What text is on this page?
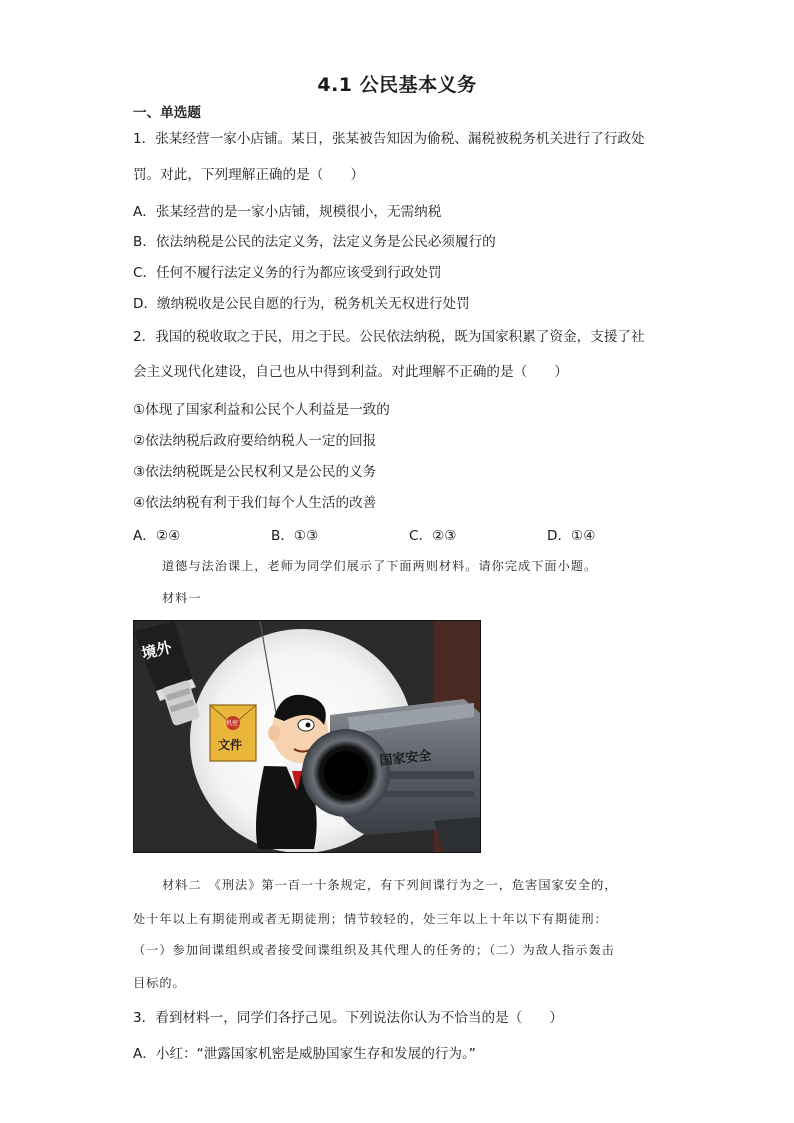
4.1 公民基本义务
一、单选题
1．张某经营一家小店铺。某日，张某被告知因为偷税、漏税被税务机关进行了行政处
罚。对此，下列理解正确的是（　　）
A．张某经营的是一家小店铺，规模很小，无需纳税
B．依法纳税是公民的法定义务，法定义务是公民必须履行的
C．任何不履行法定义务的行为都应该受到行政处罚
D．缴纳税收是公民自愿的行为，税务机关无权进行处罚
2．我国的税收取之于民，用之于民。公民依法纳税，既为国家积累了资金，支援了社
会主义现代化建设，自己也从中得到利益。对此理解不正确的是（　　）
①体现了国家利益和公民个人利益是一致的
②依法纳税后政府要给纳税人一定的回报
③依法纳税既是公民权利又是公民的义务
④依法纳税有利于我们每个人生活的改善
A．②④	B．①③	C．②③	D．①④
道德与法治课上，老师为同学们展示了下面两则材料。请你完成下面小题。
材料一
境外
机密
文件
国家安全
材料二　《刑法》第一百一十条规定，有下列间谍行为之一，危害国家安全的，
处十年以上有期徒刑或者无期徒刑；情节较轻的，处三年以上十年以下有期徒刑：
（一）参加间谍组织或者接受间谍组织及其代理人的任务的；（二）为敌人指示轰击
目标的。
3．看到材料一，同学们各抒己见。下列说法你认为不恰当的是（　　）
A．小红：“泄露国家机密是威胁国家生存和发展的行为。”
